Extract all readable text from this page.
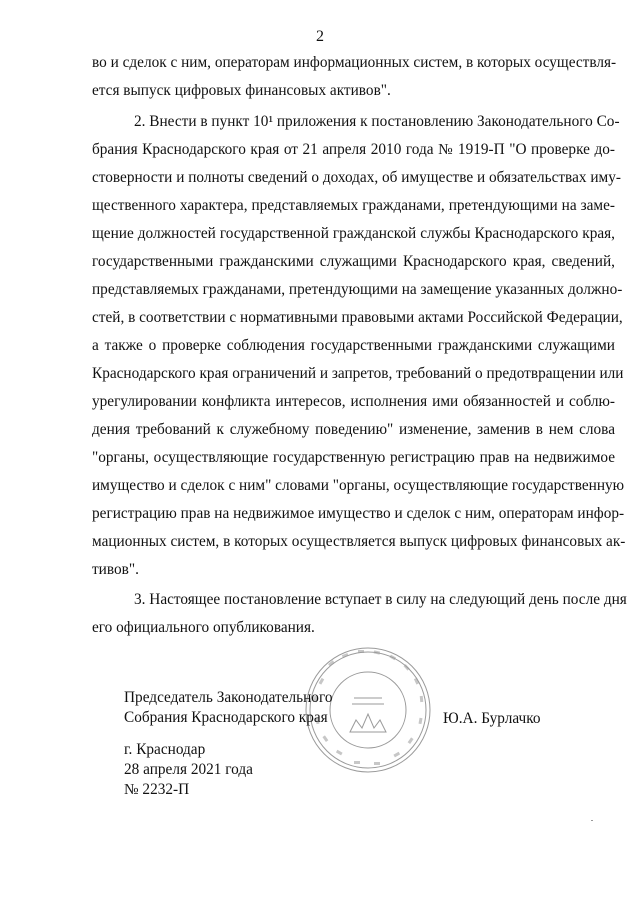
2
во и сделок с ним, операторам информационных систем, в которых осуществля-
ется выпуск цифровых финансовых активов".
2. Внести в пункт 10¹ приложения к постановлению Законодательного Со-
брания Краснодарского края от 21 апреля 2010 года № 1919-П "О проверке до-
стоверности и полноты сведений о доходах, об имуществе и обязательствах иму-
щественного характера, представляемых гражданами, претендующими на заме-
щение должностей государственной гражданской службы Краснодарского края,
государственными гражданскими служащими Краснодарского края, сведений,
представляемых гражданами, претендующими на замещение указанных должно-
стей, в соответствии с нормативными правовыми актами Российской Федерации,
а также о проверке соблюдения государственными гражданскими служащими
Краснодарского края ограничений и запретов, требований о предотвращении или
урегулировании конфликта интересов, исполнения ими обязанностей и соблю-
дения требований к служебному поведению" изменение, заменив в нем слова
"органы, осуществляющие государственную регистрацию прав на недвижимое
имущество и сделок с ним" словами "органы, осуществляющие государственную
регистрацию прав на недвижимое имущество и сделок с ним, операторам инфор-
мационных систем, в которых осуществляется выпуск цифровых финансовых ак-
тивов".
3. Настоящее постановление вступает в силу на следующий день после дня
его официального опубликования.
Председатель Законодательного
Собрания Краснодарского края	Ю.А. Бурлачко
г. Краснодар
28 апреля 2021 года
№ 2232-П
